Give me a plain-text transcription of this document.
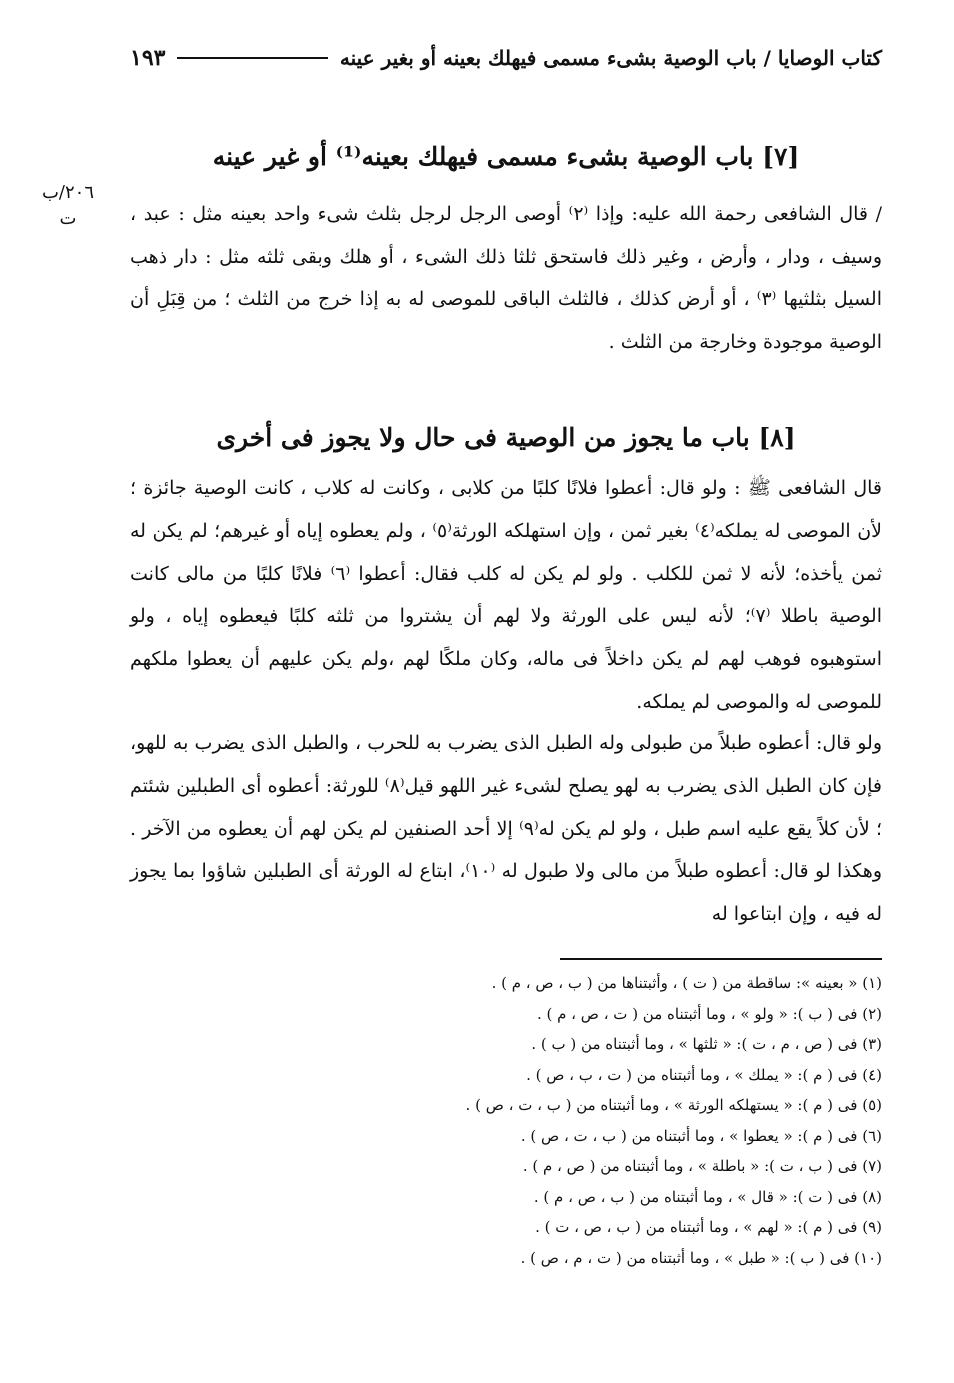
كتاب الوصايا / باب الوصية بشىء مسمى فيهلك بعينه أو بغير عينه
١٩٣
٢٠٦/ب
ت
[٧] باب الوصية بشىء مسمى فيهلك بعينه⁽¹⁾ أو غير عينه

/ قال الشافعى رحمة الله عليه: وإذا ⁽٢⁾ أوصى الرجل لرجل بثلث شىء واحد بعينه مثل : عبد ، وسيف ، ودار ، وأرض ، وغير ذلك فاستحق ثلثا ذلك الشىء ، أو هلك وبقى ثلثه مثل : دار ذهب السيل بثلثيها ⁽٣⁾ ، أو أرض كذلك ، فالثلث الباقى للموصى له به إذا خرج من الثلث ؛ من قِبَلِ أن الوصية موجودة وخارجة من الثلث .

[٨] باب ما يجوز من الوصية فى حال ولا يجوز فى أخرى

قال الشافعى ﷺ : ولو قال: أعطوا فلانًا كلبًا من كلابى ، وكانت له كلاب ، كانت الوصية جائزة ؛ لأن الموصى له يملكه⁽٤⁾ بغير ثمن ، وإن استهلكه الورثة⁽٥⁾ ، ولم يعطوه إياه أو غيرهم؛ لم يكن له ثمن يأخذه؛ لأنه لا ثمن للكلب . ولو لم يكن له كلب فقال: أعطوا ⁽٦⁾ فلانًا كلبًا من مالى كانت الوصية باطلا ⁽٧⁾؛ لأنه ليس على الورثة ولا لهم أن يشتروا من ثلثه كلبًا فيعطوه إياه ، ولو استوهبوه فوهب لهم لم يكن داخلاً فى ماله، وكان ملكًا لهم ،ولم يكن عليهم أن يعطوا ملكهم للموصى له والموصى لم يملكه.

ولو قال: أعطوه طبلاً من طبولى وله الطبل الذى يضرب به للحرب ، والطبل الذى يضرب به للهو، فإن كان الطبل الذى يضرب به لهو يصلح لشىء غير اللهو قيل⁽٨⁾ للورثة: أعطوه أى الطبلين شئتم ؛ لأن كلاً يقع عليه اسم طبل ، ولو لم يكن له⁽٩⁾ إلا أحد الصنفين لم يكن لهم أن يعطوه من الآخر . وهكذا لو قال: أعطوه طبلاً من مالى ولا طبول له ⁽١٠⁾، ابتاع له الورثة أى الطبلين شاؤوا بما يجوز له فيه ، وإن ابتاعوا له

(١) « بعينه »: ساقطة من ( ت ) ، وأثبتناها من ( ب ، ص ، م ) .
(٢) فى ( ب ): « ولو » ، وما أثبتناه من ( ت ، ص ، م ) .
(٣) فى ( ص ، م ، ت ): « ثلثها » ، وما أثبتناه من ( ب ) .
(٤) فى ( م ): « يملك » ، وما أثبتناه من ( ت ، ب ، ص ) .
(٥) فى ( م ): « يستهلكه الورثة » ، وما أثبتناه من ( ب ، ت ، ص ) .
(٦) فى ( م ): « يعطوا » ، وما أثبتناه من ( ب ، ت ، ص ) .
(٧) فى ( ب ، ت ): « باطلة » ، وما أثبتناه من ( ص ، م ) .
(٨) فى ( ت ): « قال » ، وما أثبتناه من ( ب ، ص ، م ) .
(٩) فى ( م ): « لهم » ، وما أثبتناه من ( ب ، ص ، ت ) .
(١٠) فى ( ب ): « طبل » ، وما أثبتناه من ( ت ، م ، ص ) .
